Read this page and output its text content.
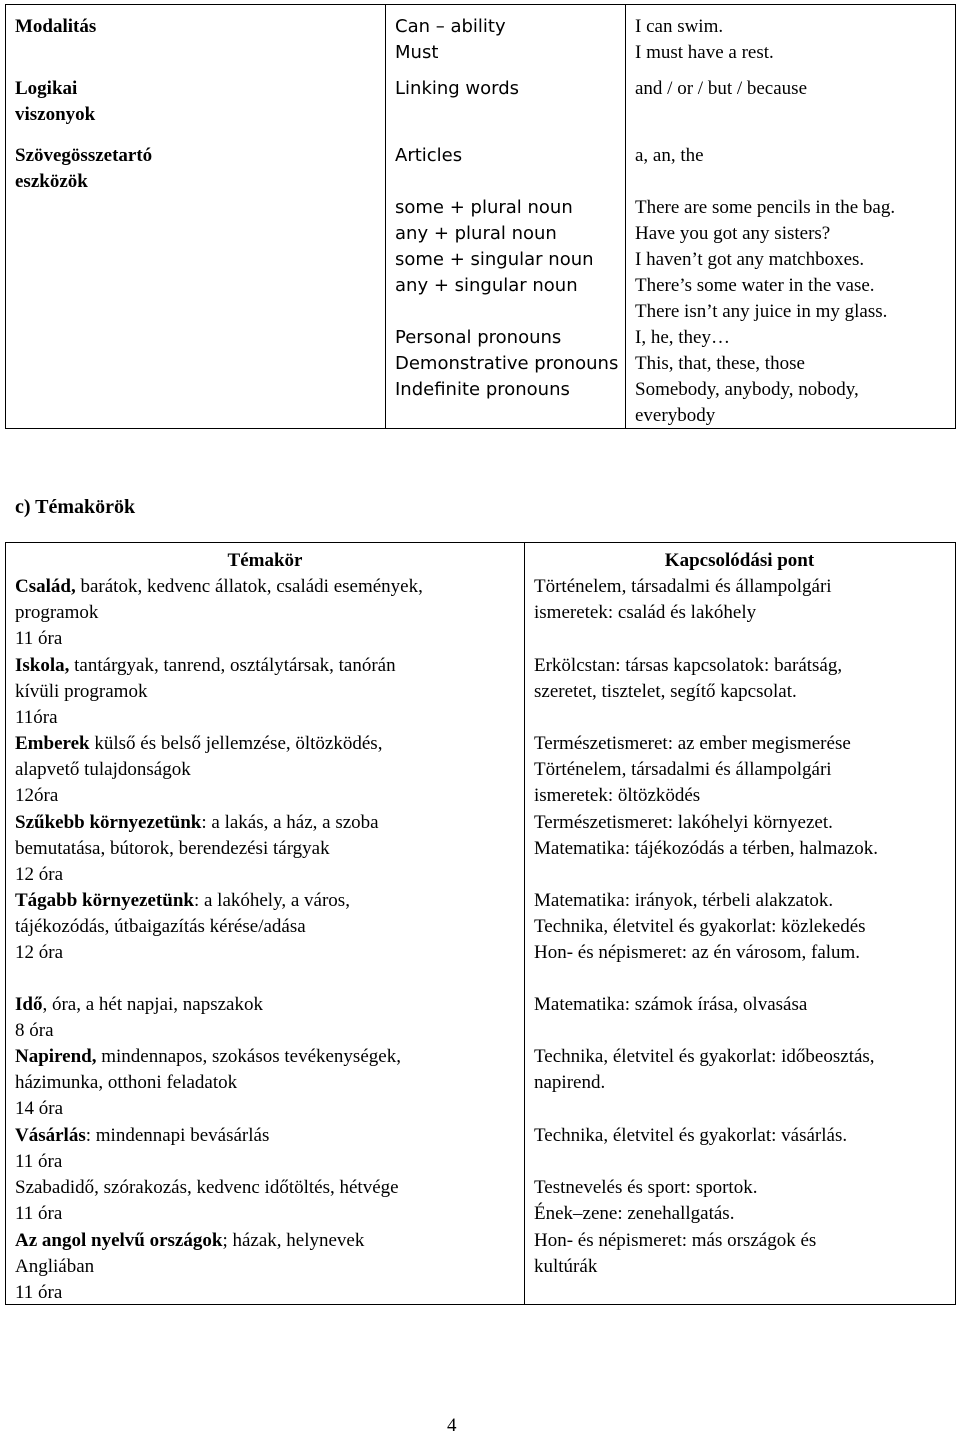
Modalitás
Logikai
viszonyok
Szövegösszetartó
eszközök
Can – ability
Must
Linking words
Articles

some + plural noun
any + plural noun
some + singular noun
any + singular noun

Personal pronouns
Demonstrative pronouns
Indefinite pronouns
I can swim.
I must have a rest.
and / or / but / because
a, an, the

There are some pencils in the bag.
Have you got any sisters?
I haven’t got any matchboxes.
There’s some water in the vase.
There isn’t any juice in my glass.
I, he, they…
This, that, these, those
Somebody, anybody, nobody,
everybody
c) Témakörök
Témakör	Kapcsolódási pont
Család, barátok, kedvenc állatok, családi események,
programok
11 óra
Történelem, társadalmi és állampolgári
ismeretek: család és lakóhely
Iskola, tantárgyak, tanrend, osztálytársak, tanórán
kívüli programok
11óra
Erkölcstan: társas kapcsolatok: barátság,
szeretet, tisztelet, segítő kapcsolat.
Emberek külső és belső jellemzése, öltözködés,
alapvető tulajdonságok
12óra
Természetismeret: az ember megismerése
Történelem, társadalmi és állampolgári
ismeretek: öltözködés
Szűkebb környezetünk: a lakás, a ház, a szoba
bemutatása, bútorok, berendezési tárgyak
12 óra
Természetismeret: lakóhelyi környezet.
Matematika: tájékozódás a térben, halmazok.
Tágabb környezetünk: a lakóhely, a város,
tájékozódás, útbaigazítás kérése/adása
12 óra
Matematika: irányok, térbeli alakzatok.
Technika, életvitel és gyakorlat: közlekedés
Hon- és népismeret: az én városom, falum.
Idő, óra, a hét napjai, napszakok
8 óra
Matematika: számok írása, olvasása
Napirend, mindennapos, szokásos tevékenységek,
házimunka, otthoni feladatok
14 óra
Technika, életvitel és gyakorlat: időbeosztás,
napirend.
Vásárlás: mindennapi bevásárlás
11 óra
Technika, életvitel és gyakorlat: vásárlás.
Szabadidő, szórakozás, kedvenc időtöltés, hétvége
11 óra
Testnevelés és sport: sportok.
Ének–zene: zenehallgatás.
Az angol nyelvű országok; házak, helynevek
Angliában
11 óra
Hon- és népismeret: más országok és
kultúrák
4
